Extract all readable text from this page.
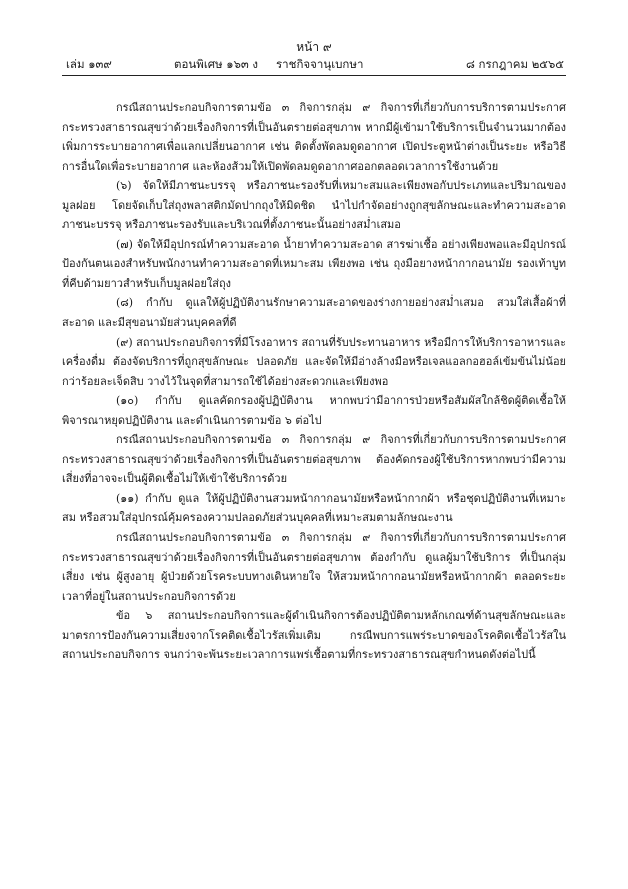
หน้า ๙
เล่ม ๑๓๙	ตอนพิเศษ ๑๖๓ ง ราชกิจจานุเบกษา	๘ กรกฎาคม ๒๕๖๕

กรณีสถานประกอบกิจการตามข้อ ๓ กิจการกลุ่ม ๙ กิจการที่เกี่ยวกับการบริการตามประกาศกระทรวงสาธารณสุขว่าด้วยเรื่องกิจการที่เป็นอันตรายต่อสุขภาพ หากมีผู้เข้ามาใช้บริการเป็นจำนวนมากต้องเพิ่มการระบายอากาศเพื่อแลกเปลี่ยนอากาศ เช่น ติดตั้งพัดลมดูดอากาศ เปิดประตูหน้าต่างเป็นระยะ หรือวิธีการอื่นใดเพื่อระบายอากาศ และห้องส้วมให้เปิดพัดลมดูดอากาศออกตลอดเวลาการใช้งานด้วย

(๖) จัดให้มีภาชนะบรรจุ หรือภาชนะรองรับที่เหมาะสมและเพียงพอกับประเภทและปริมาณของมูลฝอย โดยจัดเก็บใส่ถุงพลาสติกมัดปากถุงให้มิดชิด นำไปกำจัดอย่างถูกสุขลักษณะและทำความสะอาดภาชนะบรรจุ หรือภาชนะรองรับและบริเวณที่ตั้งภาชนะนั้นอย่างสม่ำเสมอ

(๗) จัดให้มีอุปกรณ์ทำความสะอาด น้ำยาทำความสะอาด สารฆ่าเชื้อ อย่างเพียงพอและมีอุปกรณ์ป้องกันตนเองสำหรับพนักงานทำความสะอาดที่เหมาะสม เพียงพอ เช่น ถุงมือยางหน้ากากอนามัย รองเท้าบูท ที่คีบด้ามยาวสำหรับเก็บมูลฝอยใส่ถุง

(๘) กำกับ ดูแลให้ผู้ปฏิบัติงานรักษาความสะอาดของร่างกายอย่างสม่ำเสมอ สวมใส่เสื้อผ้าที่สะอาด และมีสุขอนามัยส่วนบุคคลที่ดี

(๙) สถานประกอบกิจการที่มีโรงอาหาร สถานที่รับประทานอาหาร หรือมีการให้บริการอาหารและเครื่องดื่ม ต้องจัดบริการที่ถูกสุขลักษณะ ปลอดภัย และจัดให้มีอ่างล้างมือหรือเจลแอลกอฮอล์เข้มข้นไม่น้อยกว่าร้อยละเจ็ดสิบ วางไว้ในจุดที่สามารถใช้ได้อย่างสะดวกและเพียงพอ

(๑๐) กำกับ ดูแลคัดกรองผู้ปฏิบัติงาน หากพบว่ามีอาการป่วยหรือสัมผัสใกล้ชิดผู้ติดเชื้อให้พิจารณาหยุดปฏิบัติงาน และดำเนินการตามข้อ ๖ ต่อไป

กรณีสถานประกอบกิจการตามข้อ ๓ กิจการกลุ่ม ๙ กิจการที่เกี่ยวกับการบริการตามประกาศกระทรวงสาธารณสุขว่าด้วยเรื่องกิจการที่เป็นอันตรายต่อสุขภาพ ต้องคัดกรองผู้ใช้บริการหากพบว่ามีความเสี่ยงที่อาจจะเป็นผู้ติดเชื้อไม่ให้เข้าใช้บริการด้วย

(๑๑) กำกับ ดูแล ให้ผู้ปฏิบัติงานสวมหน้ากากอนามัยหรือหน้ากากผ้า หรือชุดปฏิบัติงานที่เหมาะสม หรือสวมใส่อุปกรณ์คุ้มครองความปลอดภัยส่วนบุคคลที่เหมาะสมตามลักษณะงาน

กรณีสถานประกอบกิจการตามข้อ ๓ กิจการกลุ่ม ๙ กิจการที่เกี่ยวกับการบริการตามประกาศกระทรวงสาธารณสุขว่าด้วยเรื่องกิจการที่เป็นอันตรายต่อสุขภาพ ต้องกำกับ ดูแลผู้มาใช้บริการ ที่เป็นกลุ่มเสี่ยง เช่น ผู้สูงอายุ ผู้ป่วยด้วยโรคระบบทางเดินหายใจ ให้สวมหน้ากากอนามัยหรือหน้ากากผ้า ตลอดระยะเวลาที่อยู่ในสถานประกอบกิจการด้วย

ข้อ ๖ สถานประกอบกิจการและผู้ดำเนินกิจการต้องปฏิบัติตามหลักเกณฑ์ด้านสุขลักษณะและมาตรการป้องกันความเสี่ยงจากโรคติดเชื้อไวรัสเพิ่มเติม กรณีพบการแพร่ระบาดของโรคติดเชื้อไวรัสในสถานประกอบกิจการ จนกว่าจะพ้นระยะเวลาการแพร่เชื้อตามที่กระทรวงสาธารณสุขกำหนดดังต่อไปนี้
